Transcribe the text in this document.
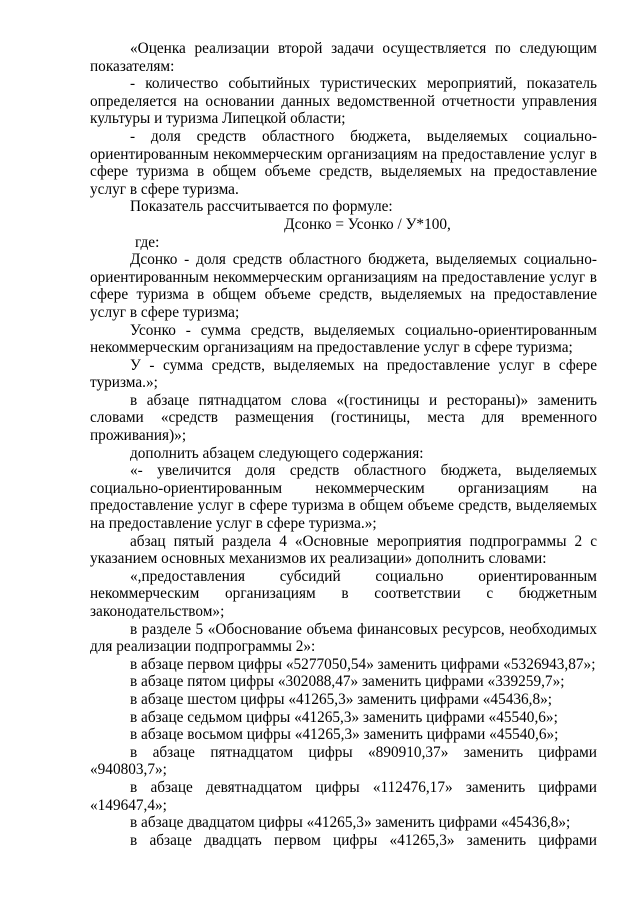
«Оценка реализации второй задачи осуществляется по следующим показателям:

- количество событийных туристических мероприятий, показатель определяется на основании данных ведомственной отчетности управления культуры и туризма Липецкой области;

- доля средств областного бюджета, выделяемых социально-ориентированным некоммерческим организациям на предоставление услуг в сфере туризма в общем объеме средств, выделяемых на предоставление услуг в сфере туризма.

Показатель рассчитывается по формуле:

Дсонко = Усонко / У*100,

где:

Дсонко - доля средств областного бюджета, выделяемых социально-ориентированным некоммерческим организациям на предоставление услуг в сфере туризма в общем объеме средств, выделяемых на предоставление услуг в сфере туризма;

Усонко - сумма средств, выделяемых социально-ориентированным некоммерческим организациям на предоставление услуг в сфере туризма;

У - сумма средств, выделяемых на предоставление услуг в сфере туризма.»;

в абзаце пятнадцатом слова «(гостиницы и рестораны)» заменить словами «средств размещения (гостиницы, места для временного проживания)»;

дополнить абзацем следующего содержания:

«- увеличится доля средств областного бюджета, выделяемых социально-ориентированным некоммерческим организациям на предоставление услуг в сфере туризма в общем объеме средств, выделяемых на предоставление услуг в сфере туризма.»;

абзац пятый раздела 4 «Основные мероприятия подпрограммы 2 с указанием основных механизмов их реализации» дополнить словами:

«,предоставления субсидий социально ориентированным некоммерческим организациям в соответствии с бюджетным законодательством»;

в разделе 5 «Обоснование объема финансовых ресурсов, необходимых для реализации подпрограммы 2»:

в абзаце первом цифры «5277050,54» заменить цифрами «5326943,87»;

в абзаце пятом цифры «302088,47» заменить цифрами «339259,7»;

в абзаце шестом цифры «41265,3» заменить цифрами «45436,8»;

в абзаце седьмом цифры «41265,3» заменить цифрами «45540,6»;

в абзаце восьмом цифры «41265,3» заменить цифрами «45540,6»;

в абзаце пятнадцатом цифры «890910,37» заменить цифрами «940803,7»;

в абзаце девятнадцатом цифры «112476,17» заменить цифрами «149647,4»;

в абзаце двадцатом цифры «41265,3» заменить цифрами «45436,8»;

в абзаце двадцать первом цифры «41265,3» заменить цифрами
